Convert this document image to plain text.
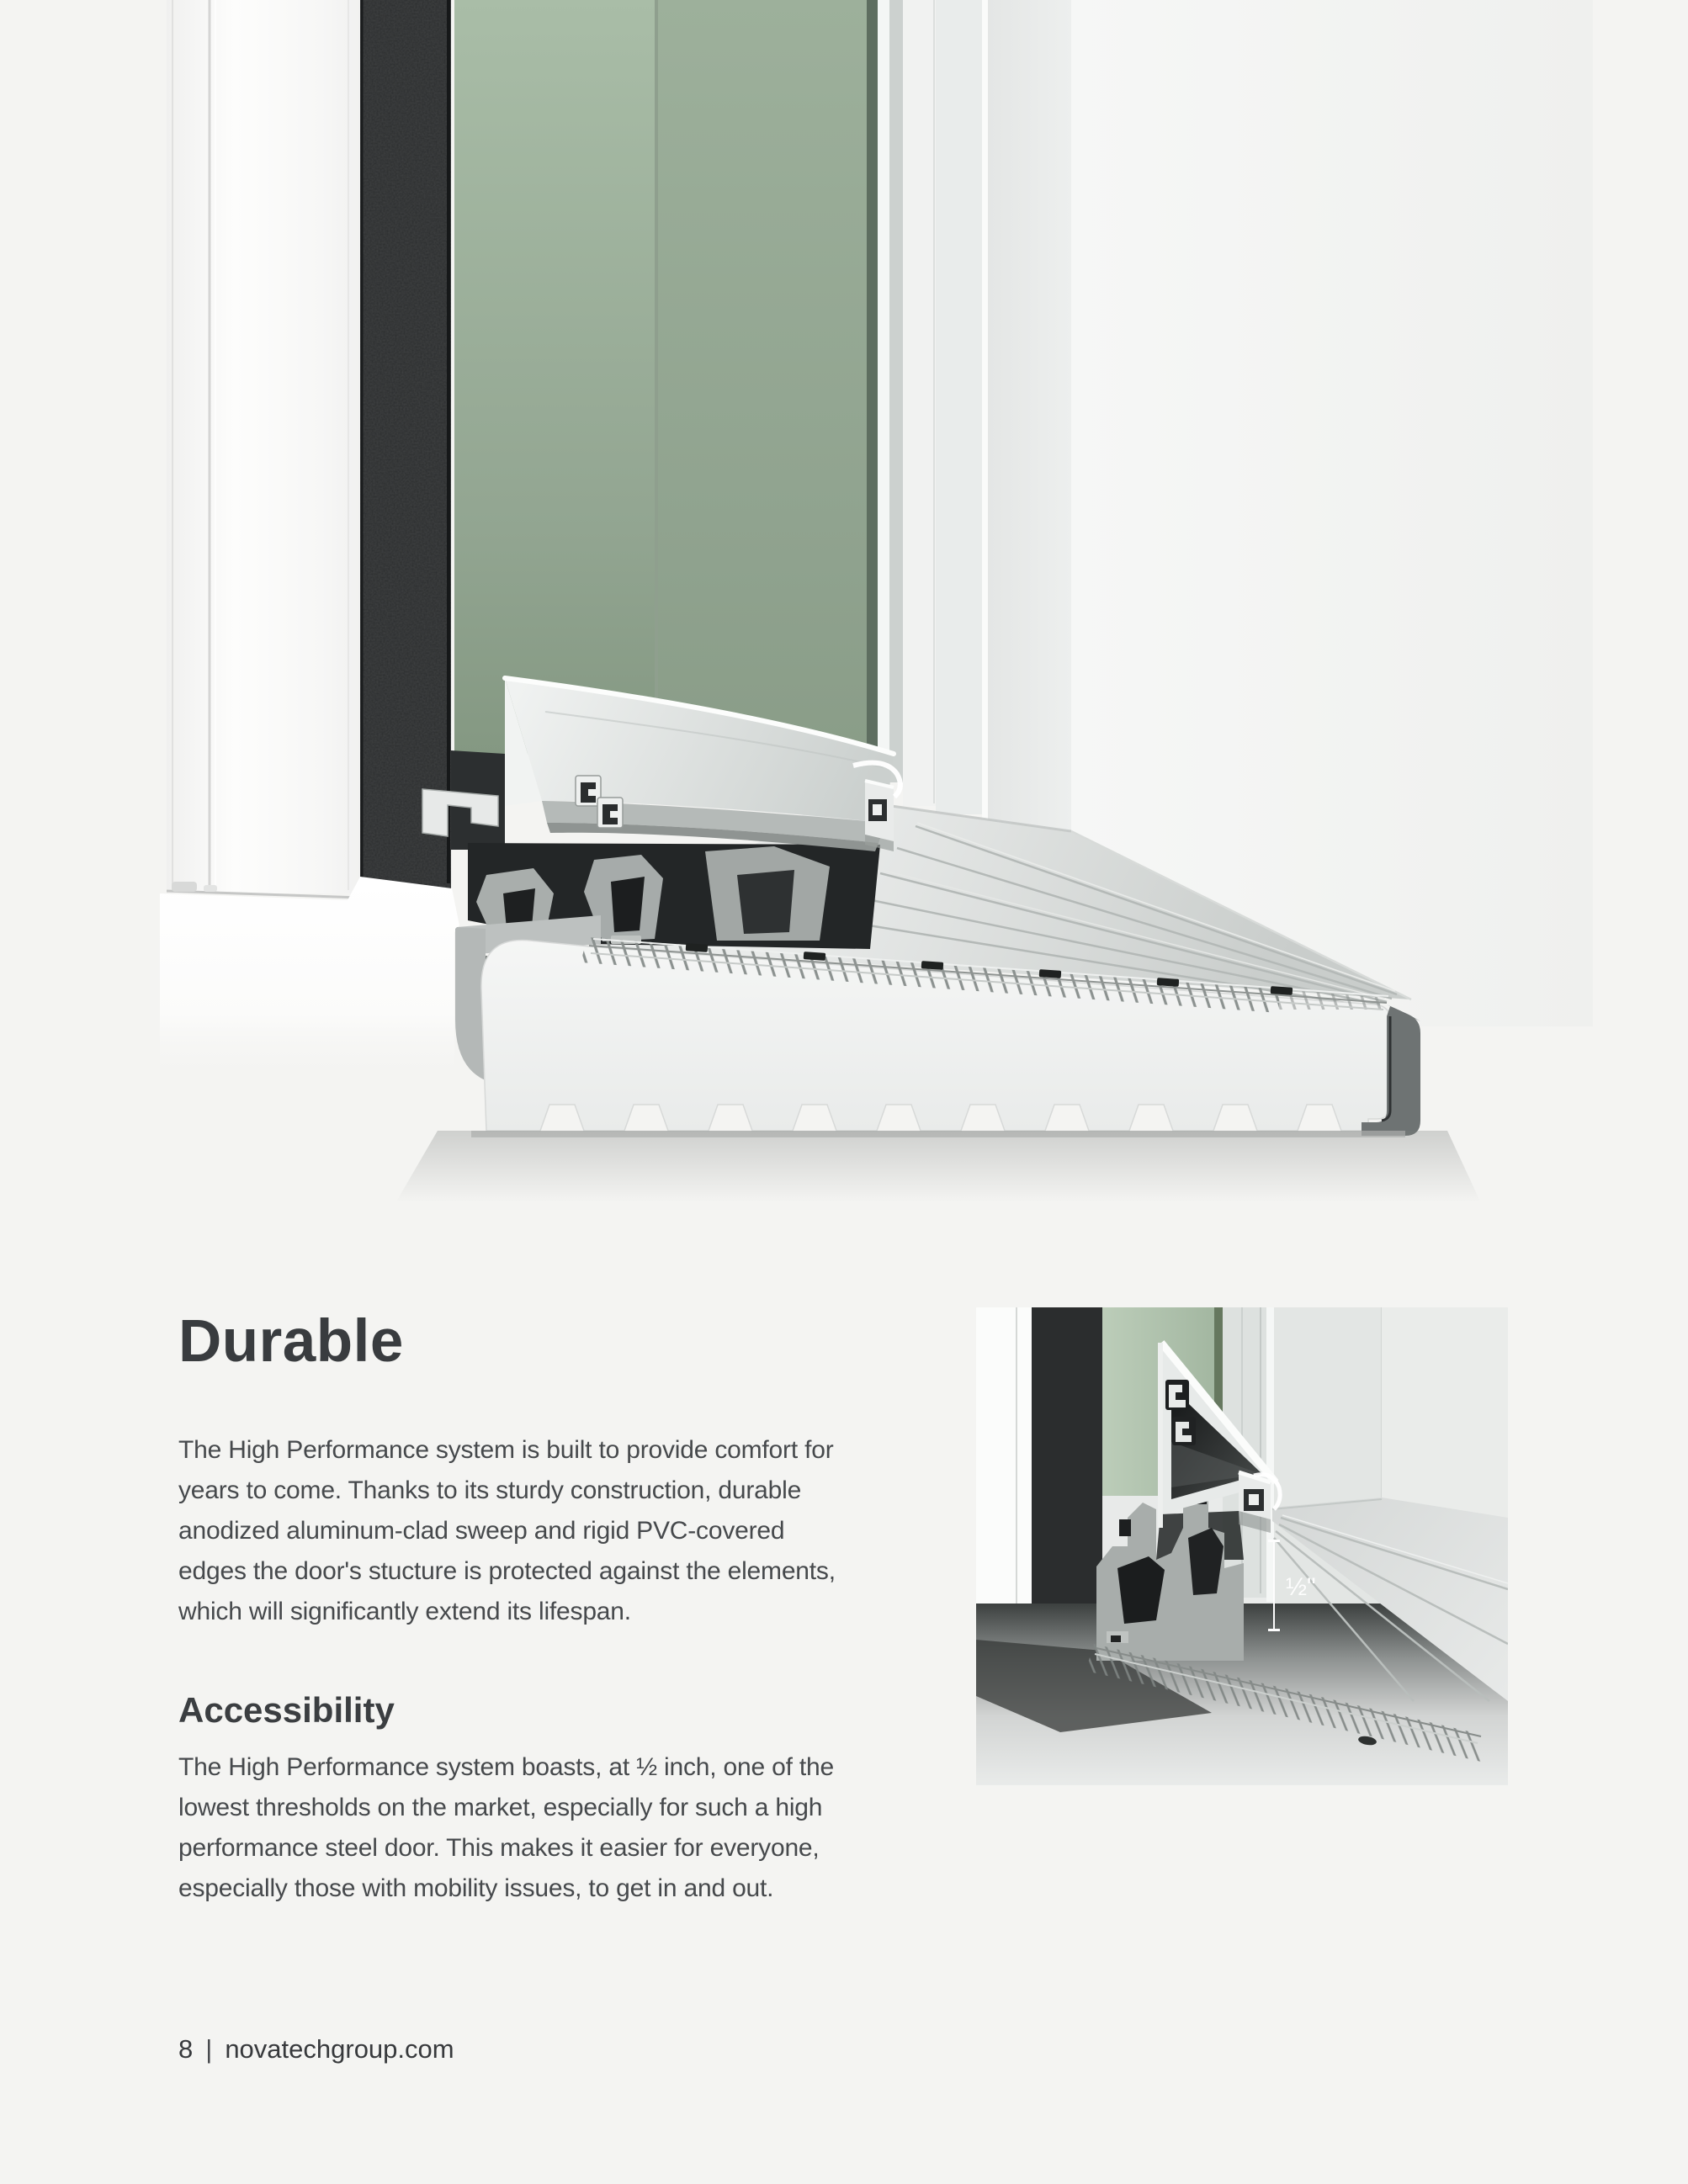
Durable
The High Performance system is built to provide comfort for
years to come. Thanks to its sturdy construction, durable
anodized aluminum-clad sweep and rigid PVC-covered
edges the door's stucture is protected against the elements,
which will significantly extend its lifespan.
Accessibility
The High Performance system boasts, at ½ inch, one of the
lowest thresholds on the market, especially for such a high
performance steel door. This makes it easier for everyone,
especially those with mobility issues, to get in and out.
½"
8 | novatechgroup.com
